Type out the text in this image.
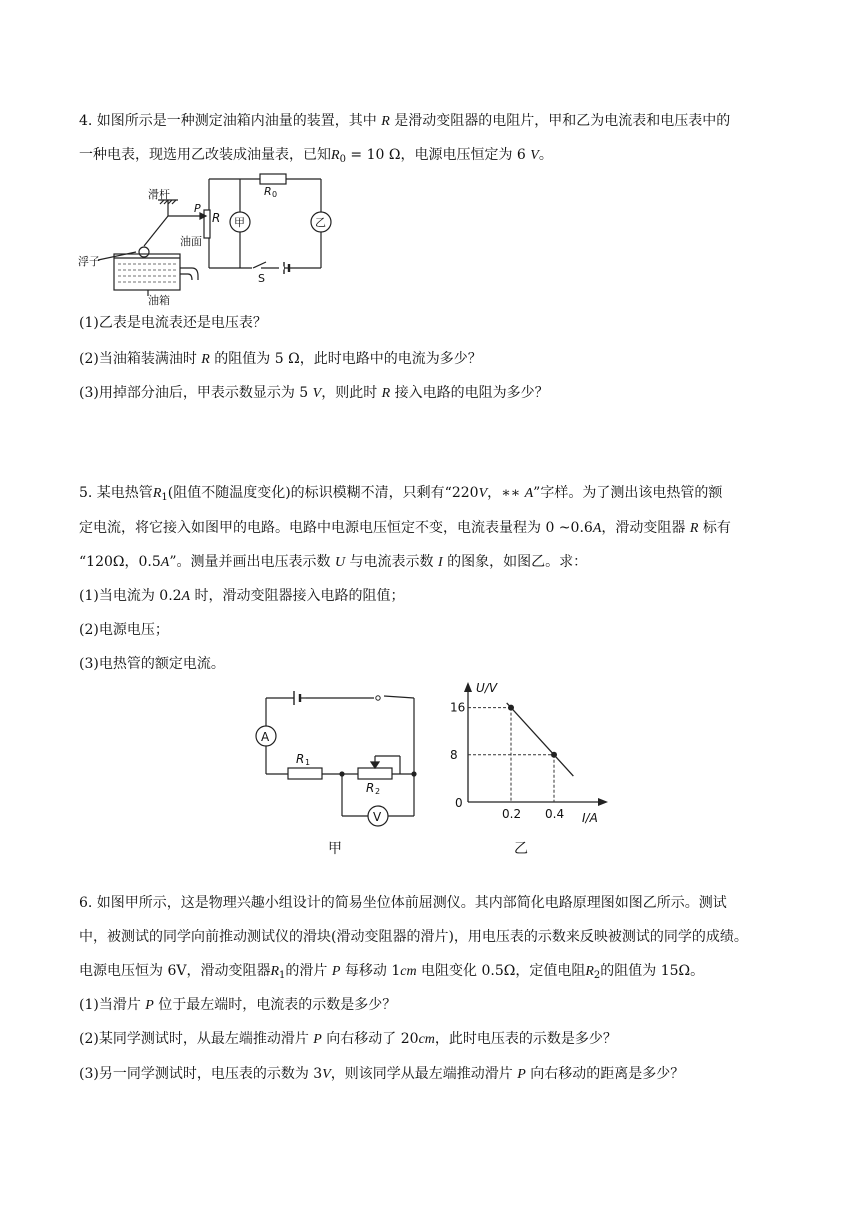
4. 如图所示是一种测定油箱内油量的装置，其中 R 是滑动变阻器的电阻片，甲和乙为电流表和电压表中的
一种电表，现选用乙改装成油量表，已知$R_0 = 10$ Ω，电源电压恒定为 6 V。
滑杆
P
R
油面
浮子
油箱
R 0
甲	乙
S
(1)乙表是电流表还是电压表？
(2)当油箱装满油时 R 的阻值为 5 Ω，此时电路中的电流为多少？
(3)用掉部分油后，甲表示数显示为 5 V，则此时 R 接入电路的电阻为多少？
5. 某电热管$R_1$(阻值不随温度变化)的标识模糊不清，只剩有“220V，∗∗ A”字样。为了测出该电热管的额
定电流，将它接入如图甲的电路。电路中电源电压恒定不变，电流表量程为 0 ~0.6A，滑动变阻器 R 标有
“120Ω，0.5A”。测量并画出电压表示数 U 与电流表示数 I 的图象，如图乙。求：
(1)当电流为 0.2A 时，滑动变阻器接入电路的阻值；
(2)电源电压；
(3)电热管的额定电流。
A
V
R 1
R 2
甲
0.2 0.4
16
8
U/V
I/A
0
乙
6. 如图甲所示，这是物理兴趣小组设计的简易坐位体前屈测仪。其内部简化电路原理图如图乙所示。测试
中，被测试的同学向前推动测试仪的滑块(滑动变阻器的滑片)，用电压表的示数来反映被测试的同学的成绩。
电源电压恒为 6V，滑动变阻器$R_1$的滑片 P 每移动 1cm 电阻变化 0.5Ω，定值电阻$R_2$的阻值为 15Ω。
(1)当滑片 P 位于最左端时，电流表的示数是多少？
(2)某同学测试时，从最左端推动滑片 P 向右移动了 20cm，此时电压表的示数是多少？
(3)另一同学测试时，电压表的示数为 3V，则该同学从最左端推动滑片 P 向右移动的距离是多少？
